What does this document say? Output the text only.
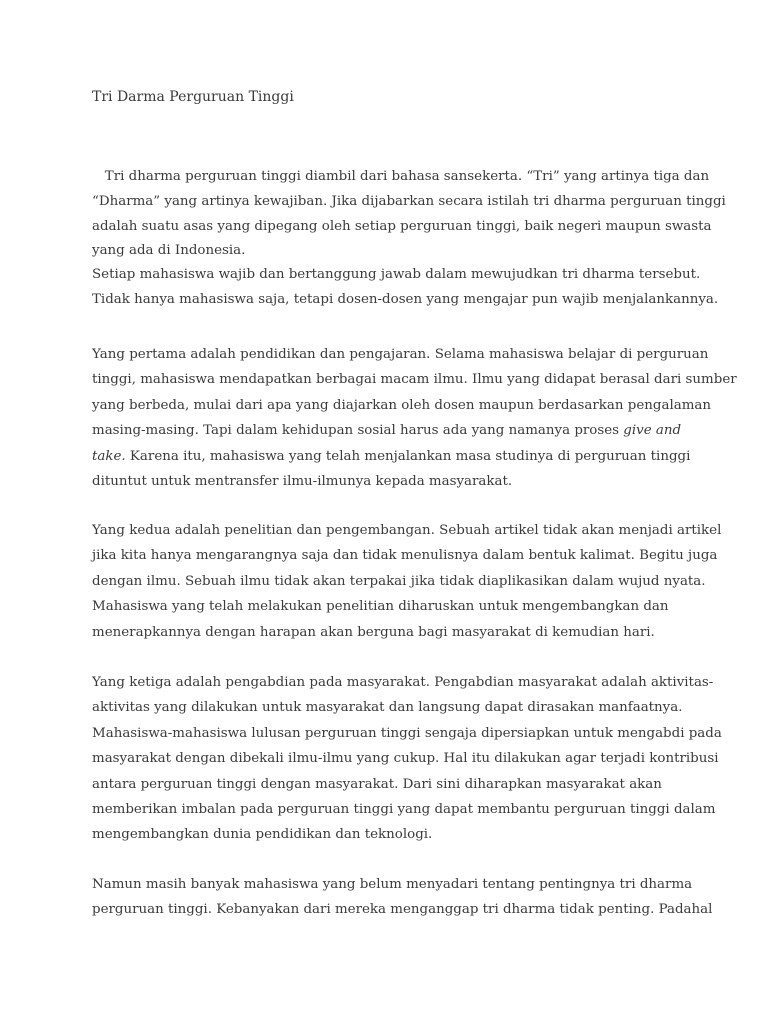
Tri Darma Perguruan Tinggi
Tri dharma perguruan tinggi diambil dari bahasa sansekerta. “Tri” yang artinya tiga dan
“Dharma” yang artinya kewajiban. Jika dijabarkan secara istilah tri dharma perguruan tinggi
adalah suatu asas yang dipegang oleh setiap perguruan tinggi, baik negeri maupun swasta
yang ada di Indonesia.
Setiap mahasiswa wajib dan bertanggung jawab dalam mewujudkan tri dharma tersebut.
Tidak hanya mahasiswa saja, tetapi dosen-dosen yang mengajar pun wajib menjalankannya.
Yang pertama adalah pendidikan dan pengajaran. Selama mahasiswa belajar di perguruan
tinggi, mahasiswa mendapatkan berbagai macam ilmu. Ilmu yang didapat berasal dari sumber
yang berbeda, mulai dari apa yang diajarkan oleh dosen maupun berdasarkan pengalaman
masing-masing. Tapi dalam kehidupan sosial harus ada yang namanya proses give and
take. Karena itu, mahasiswa yang telah menjalankan masa studinya di perguruan tinggi
dituntut untuk mentransfer ilmu-ilmunya kepada masyarakat.
Yang kedua adalah penelitian dan pengembangan. Sebuah artikel tidak akan menjadi artikel
jika kita hanya mengarangnya saja dan tidak menulisnya dalam bentuk kalimat. Begitu juga
dengan ilmu. Sebuah ilmu tidak akan terpakai jika tidak diaplikasikan dalam wujud nyata.
Mahasiswa yang telah melakukan penelitian diharuskan untuk mengembangkan dan
menerapkannya dengan harapan akan berguna bagi masyarakat di kemudian hari.
Yang ketiga adalah pengabdian pada masyarakat. Pengabdian masyarakat adalah aktivitas-
aktivitas yang dilakukan untuk masyarakat dan langsung dapat dirasakan manfaatnya.
Mahasiswa-mahasiswa lulusan perguruan tinggi sengaja dipersiapkan untuk mengabdi pada
masyarakat dengan dibekali ilmu-ilmu yang cukup. Hal itu dilakukan agar terjadi kontribusi
antara perguruan tinggi dengan masyarakat. Dari sini diharapkan masyarakat akan
memberikan imbalan pada perguruan tinggi yang dapat membantu perguruan tinggi dalam
mengembangkan dunia pendidikan dan teknologi.
Namun masih banyak mahasiswa yang belum menyadari tentang pentingnya tri dharma
perguruan tinggi. Kebanyakan dari mereka menganggap tri dharma tidak penting. Padahal
